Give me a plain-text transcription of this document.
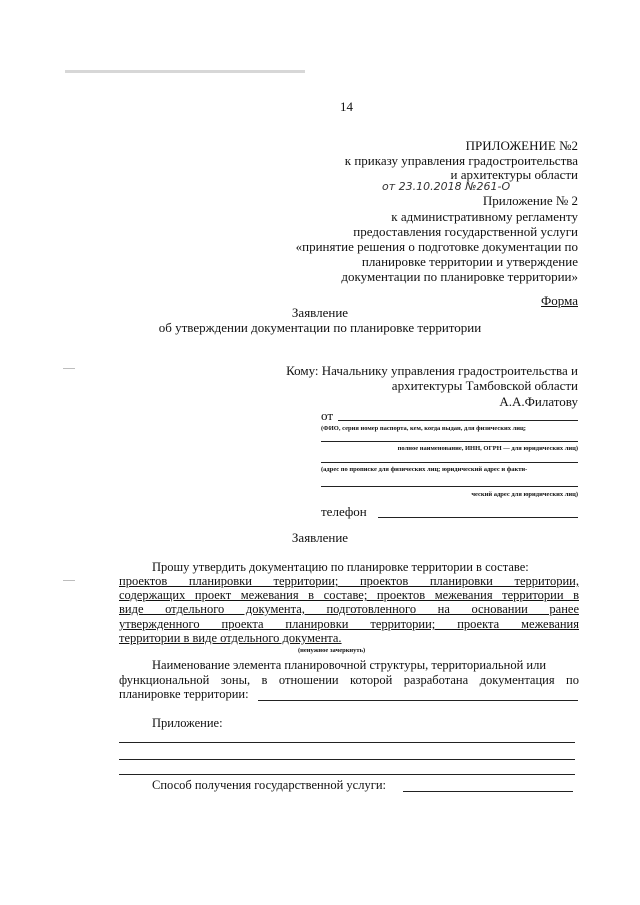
14
ПРИЛОЖЕНИЕ №2
к приказу управления градостроительства
и архитектуры области
от 23.10.2018 №261-О
Приложение № 2
к административному регламенту
предоставления государственной услуги
«принятие решения о подготовке документации по
планировке территории и утверждение
документации по планировке территории»
Форма
Заявление
об утверждении документации по планировке территории
Кому: Начальнику управления градостроительства и
архитектуры Тамбовской области
А.А.Филатову
от
(ФИО, серия номер паспорта, кем, когда выдан, для физических лиц;
полное наименование, ИНН, ОГРН — для юридических лиц)
(адрес по прописке для физических лиц; юридический адрес и факти-
ческий адрес для юридических лиц)
телефон
Заявление
Прошу утвердить документацию по планировке территории в составе:
проектов планировки территории; проектов планировки территории,
содержащих проект межевания в составе; проектов межевания территории в
виде отдельного документа, подготовленного на основании ранее
утвержденного проекта планировки территории; проекта межевания
территории в виде отдельного документа.
(ненужное зачеркнуть)
Наименование элемента планировочной структуры, территориальной или
функциональной зоны, в отношении которой разработана документация по
планировке территории:
Приложение:
Способ получения государственной услуги:
